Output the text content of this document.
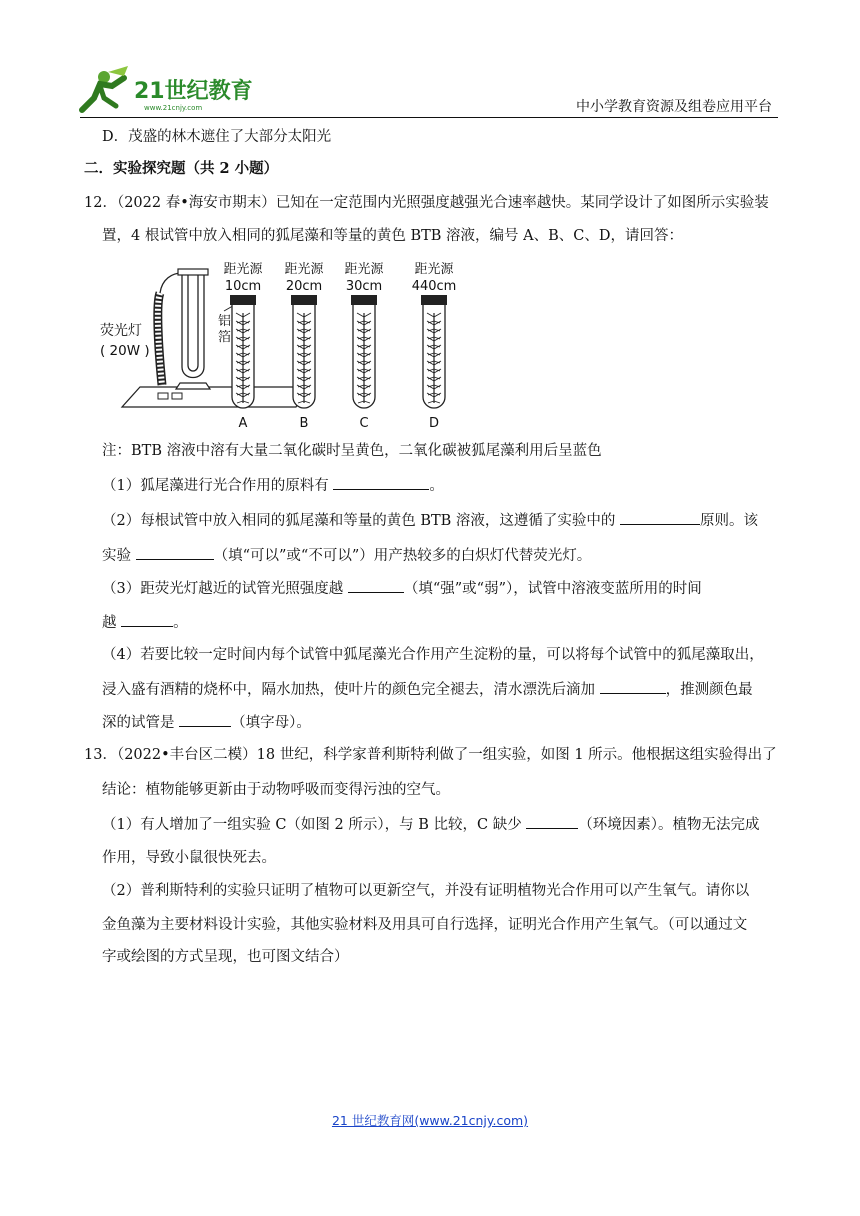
21世纪教育
www.21cnjy.com	中小学教育资源及组卷应用平台
D．茂盛的林木遮住了大部分太阳光
二．实验探究题（共 2 小题）
12．（2022 春•海安市期末）已知在一定范围内光照强度越强光合速率越快。某同学设计了如图所示实验装
置，4 根试管中放入相同的狐尾藻和等量的黄色 BTB 溶液，编号 A、B、C、D，请回答：
荧光灯
( 20W )
铝
箔
距光源
10cm
A
距光源
20cm
B
距光源
30cm
C
距光源
440cm
D
注：BTB 溶液中溶有大量二氧化碳时呈黄色，二氧化碳被狐尾藻利用后呈蓝色
（1）狐尾藻进行光合作用的原料有	。
（2）每根试管中放入相同的狐尾藻和等量的黄色 BTB 溶液，这遵循了实验中的	原则。该
实验	（填“可以”或“不可以”）用产热较多的白炽灯代替荧光灯。
（3）距荧光灯越近的试管光照强度越	（填“强”或“弱”），试管中溶液变蓝所用的时间
越	。
（4）若要比较一定时间内每个试管中狐尾藻光合作用产生淀粉的量，可以将每个试管中的狐尾藻取出，
浸入盛有酒精的烧杯中，隔水加热，使叶片的颜色完全褪去，清水漂洗后滴加	，推测颜色最
深的试管是	（填字母）。
13．（2022•丰台区二模）18 世纪，科学家普利斯特利做了一组实验，如图 1 所示。他根据这组实验得出了
结论：植物能够更新由于动物呼吸而变得污浊的空气。
（1）有人增加了一组实验 C（如图 2 所示），与 B 比较，C 缺少	（环境因素）。植物无法完成
作用，导致小鼠很快死去。
（2）普利斯特利的实验只证明了植物可以更新空气，并没有证明植物光合作用可以产生氧气。请你以
金鱼藻为主要材料设计实验，其他实验材料及用具可自行选择，证明光合作用产生氧气。（可以通过文
字或绘图的方式呈现，也可图文结合）
21 世纪教育网(www.21cnjy.com)
